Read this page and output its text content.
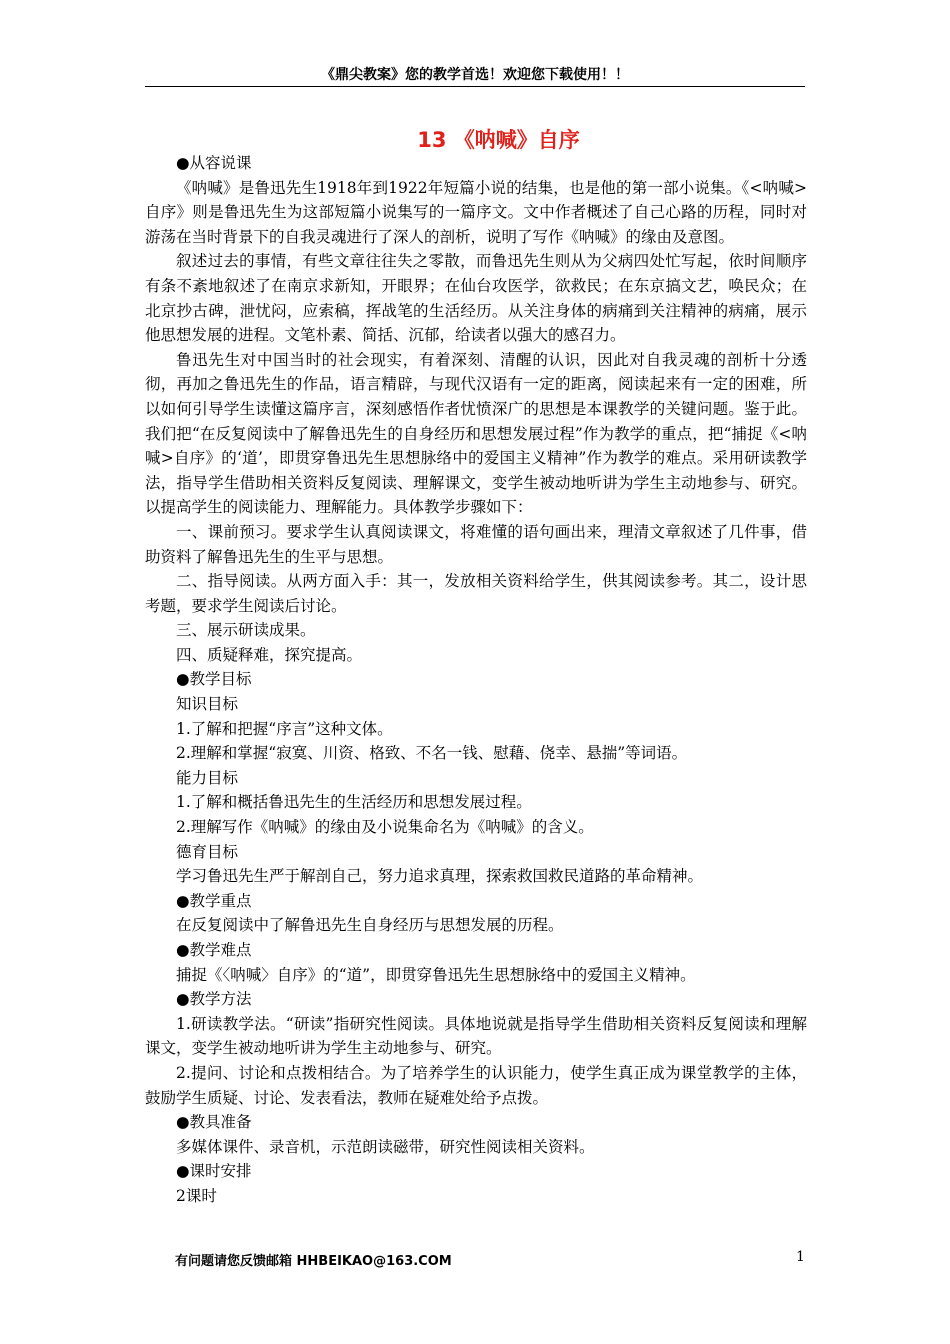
《鼎尖教案》您的教学首选！欢迎您下载使用！！
13 《呐喊》自序

●从容说课

《呐喊》是鲁迅先生1918年到1922年短篇小说的结集，也是他的第一部小说集。《<呐喊>自序》则是鲁迅先生为这部短篇小说集写的一篇序文。文中作者概述了自己心路的历程，同时对游荡在当时背景下的自我灵魂进行了深人的剖析，说明了写作《呐喊》的缘由及意图。

叙述过去的事情，有些文章往往失之零散，而鲁迅先生则从为父病四处忙写起，依时间顺序有条不紊地叙述了在南京求新知，开眼界；在仙台攻医学，欲救民；在东京搞文艺，唤民众；在北京抄古碑，泄忧闷，应索稿，挥战笔的生活经历。从关注身体的病痛到关注精神的病痛，展示他思想发展的进程。文笔朴素、简括、沉郁，给读者以强大的感召力。

鲁迅先生对中国当时的社会现实，有着深刻、清醒的认识，因此对自我灵魂的剖析十分透彻，再加之鲁迅先生的作品，语言精辟，与现代汉语有一定的距离，阅读起来有一定的困难，所以如何引导学生读懂这篇序言，深刻感悟作者忧愤深广的思想是本课教学的关键问题。鉴于此。我们把“在反复阅读中了解鲁迅先生的自身经历和思想发展过程”作为教学的重点，把“捕捉《<呐喊>自序》的‘道’，即贯穿鲁迅先生思想脉络中的爱国主义精神”作为教学的难点。采用研读教学法，指导学生借助相关资料反复阅读、理解课文，变学生被动地听讲为学生主动地参与、研究。以提高学生的阅读能力、理解能力。具体教学步骤如下：

一、课前预习。要求学生认真阅读课文，将难懂的语句画出来，理清文章叙述了几件事，借助资料了解鲁迅先生的生平与思想。

二、指导阅读。从两方面入手：其一，发放相关资料给学生，供其阅读参考。其二，设计思考题，要求学生阅读后讨论。

三、展示研读成果。

四、质疑释难，探究提高。

●教学目标

知识目标

1.了解和把握“序言”这种文体。

2.理解和掌握“寂寞、川资、格致、不名一钱、慰藉、侥幸、悬揣”等词语。

能力目标

1.了解和概括鲁迅先生的生活经历和思想发展过程。

2.理解写作《呐喊》的缘由及小说集命名为《呐喊》的含义。

德育目标

学习鲁迅先生严于解剖自己，努力追求真理，探索救国救民道路的革命精神。

●教学重点

在反复阅读中了解鲁迅先生自身经历与思想发展的历程。

●教学难点

捕捉《〈呐喊〉自序》的“道”，即贯穿鲁迅先生思想脉络中的爱国主义精神。

●教学方法

1.研读教学法。“研读”指研究性阅读。具体地说就是指导学生借助相关资料反复阅读和理解课文，变学生被动地听讲为学生主动地参与、研究。

2.提问、讨论和点拨相结合。为了培养学生的认识能力，使学生真正成为课堂教学的主体，鼓励学生质疑、讨论、发表看法，教师在疑难处给予点拨。

●教具准备

多媒体课件、录音机，示范朗读磁带，研究性阅读相关资料。

●课时安排

2课时

有问题请您反馈邮箱 HHBEIKAO@163.COM	1
